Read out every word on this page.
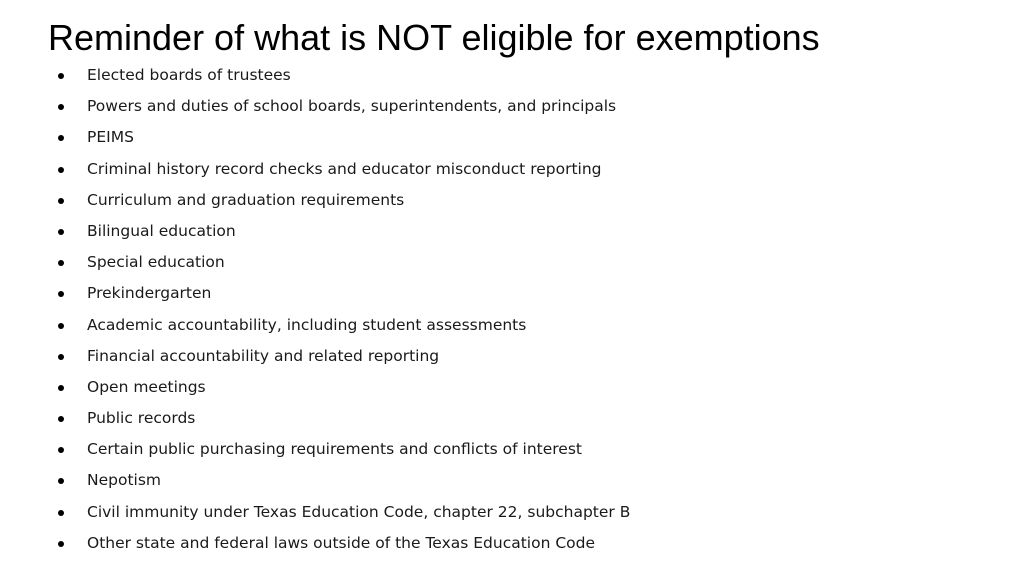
Reminder of what is NOT eligible for exemptions
Elected boards of trustees
Powers and duties of school boards, superintendents, and principals
PEIMS
Criminal history record checks and educator misconduct reporting
Curriculum and graduation requirements
Bilingual education
Special education
Prekindergarten
Academic accountability, including student assessments
Financial accountability and related reporting
Open meetings
Public records
Certain public purchasing requirements and conflicts of interest
Nepotism
Civil immunity under Texas Education Code, chapter 22, subchapter B
Other state and federal laws outside of the Texas Education Code
